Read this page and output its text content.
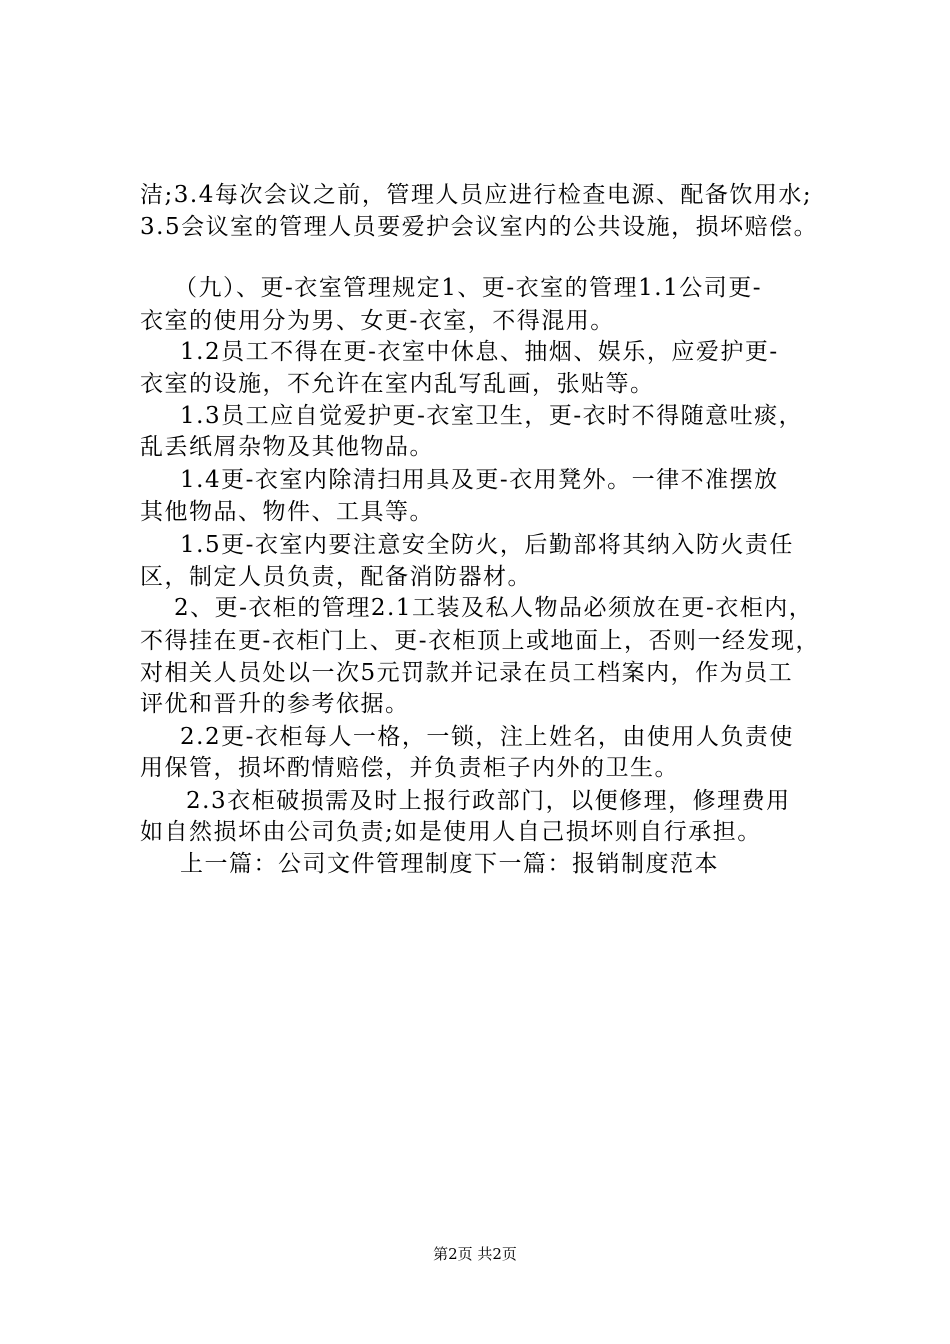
洁;3.4每次会议之前，管理人员应进行检查电源、配备饮用水;
3.5会议室的管理人员要爱护会议室内的公共设施，损坏赔偿。
（九）、更-衣室管理规定1、更-衣室的管理1.1公司更-
衣室的使用分为男、女更-衣室，不得混用。
1.2员工不得在更-衣室中休息、抽烟、娱乐，应爱护更-
衣室的设施，不允许在室内乱写乱画，张贴等。
1.3员工应自觉爱护更-衣室卫生，更-衣时不得随意吐痰，
乱丢纸屑杂物及其他物品。
1.4更-衣室内除清扫用具及更-衣用凳外。一律不准摆放
其他物品、物件、工具等。
1.5更-衣室内要注意安全防火，后勤部将其纳入防火责任
区，制定人员负责，配备消防器材。
2、更-衣柜的管理2.1工装及私人物品必须放在更-衣柜内，
不得挂在更-衣柜门上、更-衣柜顶上或地面上，否则一经发现，
对相关人员处以一次5元罚款并记录在员工档案内，作为员工
评优和晋升的参考依据。
2.2更-衣柜每人一格，一锁，注上姓名，由使用人负责使
用保管，损坏酌情赔偿，并负责柜子内外的卫生。
2.3衣柜破损需及时上报行政部门，以便修理，修理费用
如自然损坏由公司负责;如是使用人自己损坏则自行承担。
上一篇：公司文件管理制度下一篇：报销制度范本
第2页 共2页
